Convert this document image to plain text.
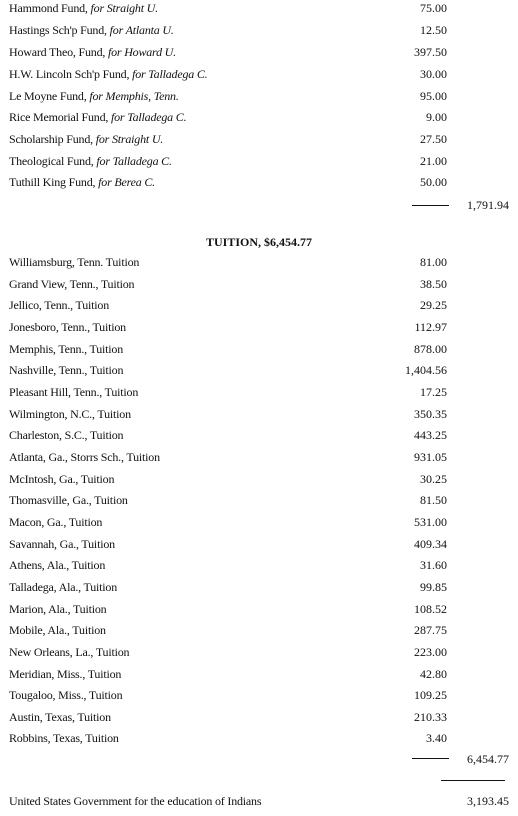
Hammond Fund, for Straight U.	75.00
Hastings Sch'p Fund, for Atlanta U.	12.50
Howard Theo, Fund, for Howard U.	397.50
H.W. Lincoln Sch'p Fund, for Talladega C.	30.00
Le Moyne Fund, for Memphis, Tenn.	95.00
Rice Memorial Fund, for Talladega C.	9.00
Scholarship Fund, for Straight U.	27.50
Theological Fund, for Talladega C.	21.00
Tuthill King Fund, for Berea C.	50.00
1,791.94
TUITION, $6,454.77
Williamsburg, Tenn. Tuition	81.00
Grand View, Tenn., Tuition	38.50
Jellico, Tenn., Tuition	29.25
Jonesboro, Tenn., Tuition	112.97
Memphis, Tenn., Tuition	878.00
Nashville, Tenn., Tuition	1,404.56
Pleasant Hill, Tenn., Tuition	17.25
Wilmington, N.C., Tuition	350.35
Charleston, S.C., Tuition	443.25
Atlanta, Ga., Storrs Sch., Tuition	931.05
McIntosh, Ga., Tuition	30.25
Thomasville, Ga., Tuition	81.50
Macon, Ga., Tuition	531.00
Savannah, Ga., Tuition	409.34
Athens, Ala., Tuition	31.60
Talladega, Ala., Tuition	99.85
Marion, Ala., Tuition	108.52
Mobile, Ala., Tuition	287.75
New Orleans, La., Tuition	223.00
Meridian, Miss., Tuition	42.80
Tougaloo, Miss., Tuition	109.25
Austin, Texas, Tuition	210.33
Robbins, Texas, Tuition	3.40
6,454.77
United States Government for the education of Indians	3,193.45
